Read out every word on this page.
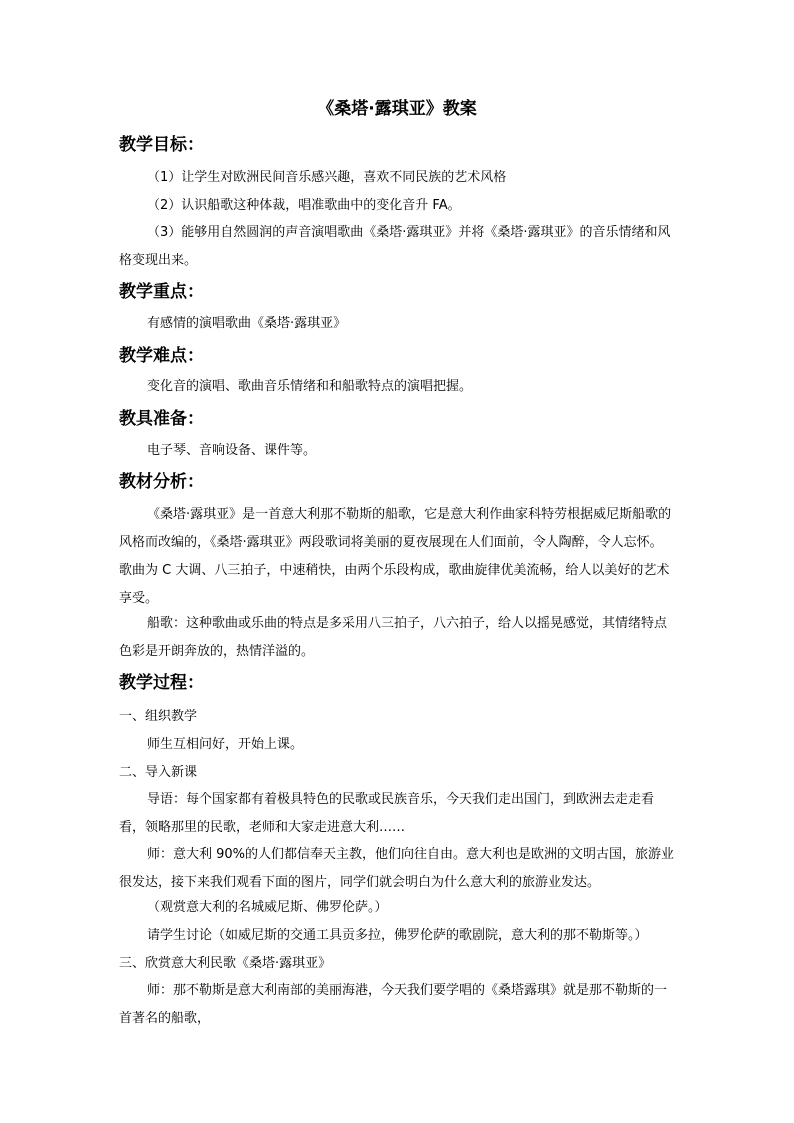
《桑塔·露琪亚》教案
教学目标：
（1）让学生对欧洲民间音乐感兴趣，喜欢不同民族的艺术风格
（2）认识船歌这种体裁，唱准歌曲中的变化音升 FA。
（3）能够用自然圆润的声音演唱歌曲《桑塔·露琪亚》并将《桑塔·露琪亚》的音乐情绪和风格变现出来。
教学重点：
有感情的演唱歌曲《桑塔·露琪亚》
教学难点：
变化音的演唱、歌曲音乐情绪和和船歌特点的演唱把握。
教具准备：
电子琴、音响设备、课件等。
教材分析：
《桑塔·露琪亚》是一首意大利那不勒斯的船歌，它是意大利作曲家科特劳根据威尼斯船歌的风格而改编的，《桑塔·露琪亚》两段歌词将美丽的夏夜展现在人们面前，令人陶醉，令人忘怀。歌曲为 C 大调、八三拍子，中速稍快，由两个乐段构成，歌曲旋律优美流畅，给人以美好的艺术享受。
船歌：这种歌曲或乐曲的特点是多采用八三拍子，八六拍子，给人以摇晃感觉，其情绪特点色彩是开朗奔放的，热情洋溢的。
教学过程：
一、组织教学
师生互相问好，开始上课。
二、导入新课
导语：每个国家都有着极具特色的民歌或民族音乐，今天我们走出国门，到欧洲去走走看看，领略那里的民歌，老师和大家走进意大利……
师：意大利 90%的人们都信奉天主教，他们向往自由。意大利也是欧洲的文明古国，旅游业很发达，接下来我们观看下面的图片，同学们就会明白为什么意大利的旅游业发达。
（观赏意大利的名城威尼斯、佛罗伦萨。）
请学生讨论（如威尼斯的交通工具贡多拉，佛罗伦萨的歌剧院，意大利的那不勒斯等。）
三、欣赏意大利民歌《桑塔·露琪亚》
师：那不勒斯是意大利南部的美丽海港，今天我们要学唱的《桑塔露琪》就是那不勒斯的一首著名的船歌，
